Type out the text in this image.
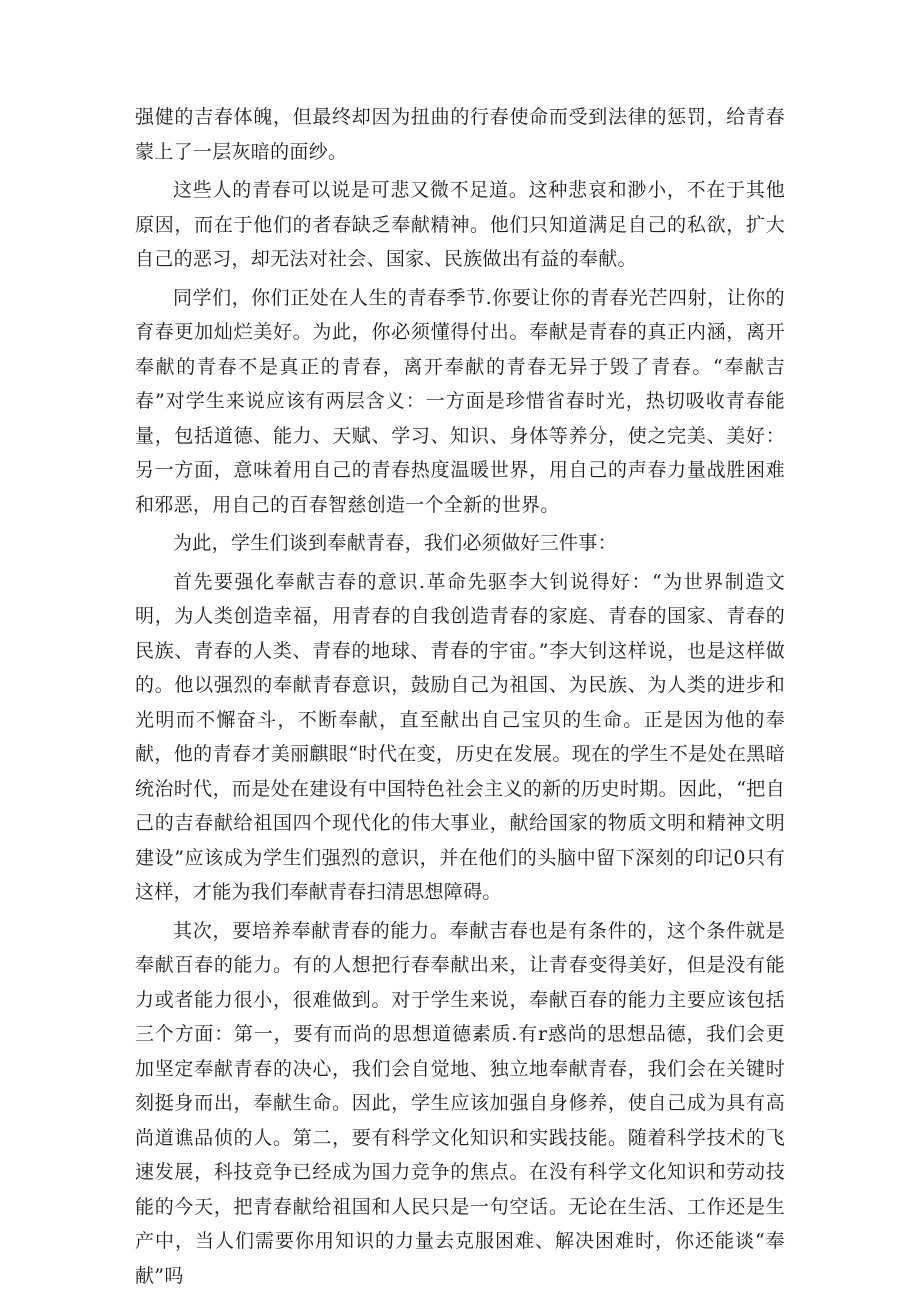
强健的吉春体魄，但最终却因为扭曲的行春使命而受到法律的惩罚，给青春蒙上了一层灰暗的面纱。

这些人的青春可以说是可悲又微不足道。这种悲哀和渺小，不在于其他原因，而在于他们的者春缺乏奉献精神。他们只知道满足自己的私欲，扩大自己的恶习，却无法对社会、国家、民族做出有益的奉献。

同学们，你们正处在人生的青春季节.你要让你的青春光芒四射，让你的育春更加灿烂美好。为此，你必须懂得付出。奉献是青春的真正内涵，离开奉献的青春不是真正的青春，离开奉献的青春无异于毁了青春。“奉献吉春”对学生来说应该有两层含义：一方面是珍惜省春时光，热切吸收青春能量，包括道德、能力、天赋、学习、知识、身体等养分，使之完美、美好：另一方面，意味着用自己的青春热度温暖世界，用自己的声春力量战胜困难和邪恶，用自己的百春智慈创造一个全新的世界。

为此，学生们谈到奉献青春，我们必须做好三件事：

首先要强化奉献吉春的意识.革命先驱李大钊说得好：“为世界制造文明，为人类创造幸福，用青春的自我创造青春的家庭、青春的国家、青春的民族、青春的人类、青春的地球、青春的宇宙。”李大钊这样说，也是这样做的。他以强烈的奉献青春意识，鼓励自己为祖国、为民族、为人类的进步和光明而不懈奋斗，不断奉献，直至献出自己宝贝的生命。正是因为他的奉献，他的青春才美丽麒眼“时代在变，历史在发展。现在的学生不是处在黑暗统治时代，而是处在建设有中国特色社会主义的新的历史时期。因此，“把自己的吉春献给祖国四个现代化的伟大事业，献给国家的物质文明和精神文明建设”应该成为学生们强烈的意识，并在他们的头脑中留下深刻的印记0只有这样，才能为我们奉献青春扫清思想障碍。

其次，要培养奉献青春的能力。奉献吉春也是有条件的，这个条件就是奉献百春的能力。有的人想把行春奉献出来，让青春变得美好，但是没有能力或者能力很小，很难做到。对于学生来说，奉献百春的能力主要应该包括三个方面：第一，要有而尚的思想道德素质.有r惑尚的思想品德，我们会更加坚定奉献青春的决心，我们会自觉地、独立地奉献青春，我们会在关键时刻挺身而出，奉献生命。因此，学生应该加强自身修养，使自己成为具有高尚道谯品侦的人。第二，要有科学文化知识和实践技能。随着科学技术的飞速发展，科技竞争已经成为国力竞争的焦点。在没有科学文化知识和劳动技能的今天，把青春献给祖国和人民只是一句空话。无论在生活、工作还是生产中，当人们需要你用知识的力量去克服困难、解决困难时，你还能谈“奉献”吗
